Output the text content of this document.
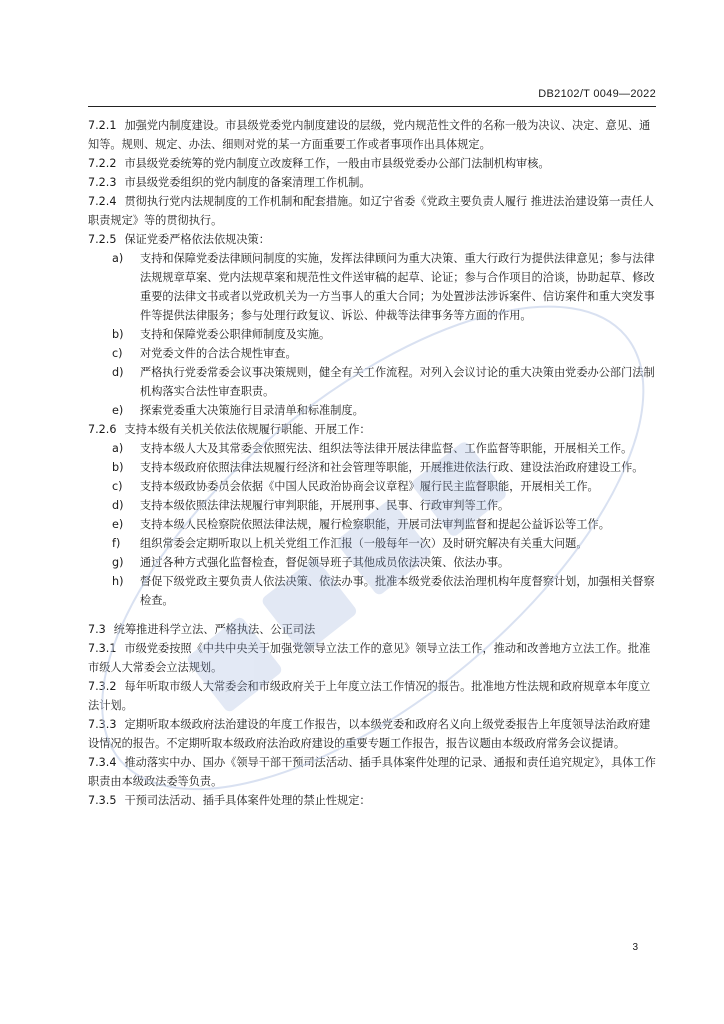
DB2102/T 0049—2022
7.2.1 加强党内制度建设。市县级党委党内制度建设的层级，党内规范性文件的名称一般为决议、决定、意见、通知等。规则、规定、办法、细则对党的某一方面重要工作或者事项作出具体规定。
7.2.2 市县级党委统筹的党内制度立改废释工作，一般由市县级党委办公部门法制机构审核。
7.2.3 市县级党委组织的党内制度的备案清理工作机制。
7.2.4 贯彻执行党内法规制度的工作机制和配套措施。如辽宁省委《党政主要负责人履行 推进法治建设第一责任人职责规定》等的贯彻执行。
7.2.5 保证党委严格依法依规决策：
a) 支持和保障党委法律顾问制度的实施，发挥法律顾问为重大决策、重大行政行为提供法律意见；参与法律法规规章草案、党内法规草案和规范性文件送审稿的起草、论证；参与合作项目的洽谈，协助起草、修改重要的法律文书或者以党政机关为一方当事人的重大合同；为处置涉法涉诉案件、信访案件和重大突发事件等提供法律服务；参与处理行政复议、诉讼、仲裁等法律事务等方面的作用。
b) 支持和保障党委公职律师制度及实施。
c) 对党委文件的合法合规性审查。
d) 严格执行党委常委会议事决策规则，健全有关工作流程。对列入会议讨论的重大决策由党委办公部门法制机构落实合法性审查职责。
e) 探索党委重大决策施行目录清单和标准制度。
7.2.6 支持本级有关机关依法依规履行职能、开展工作：
a) 支持本级人大及其常委会依照宪法、组织法等法律开展法律监督、工作监督等职能，开展相关工作。
b) 支持本级政府依照法律法规履行经济和社会管理等职能，开展推进依法行政、建设法治政府建设工作。
c) 支持本级政协委员会依据《中国人民政治协商会议章程》履行民主监督职能，开展相关工作。
d) 支持本级依照法律法规履行审判职能，开展刑事、民事、行政审判等工作。
e) 支持本级人民检察院依照法律法规，履行检察职能，开展司法审判监督和提起公益诉讼等工作。
f) 组织常委会定期听取以上机关党组工作汇报（一般每年一次）及时研究解决有关重大问题。
g) 通过各种方式强化监督检查，督促领导班子其他成员依法决策、依法办事。
h) 督促下级党政主要负责人依法决策、依法办事。批准本级党委依法治理机构年度督察计划，加强相关督察检查。
7.3 统筹推进科学立法、严格执法、公正司法
7.3.1 市级党委按照《中共中央关于加强党领导立法工作的意见》领导立法工作，推动和改善地方立法工作。批准市级人大常委会立法规划。
7.3.2 每年听取市级人大常委会和市级政府关于上年度立法工作情况的报告。批准地方性法规和政府规章本年度立法计划。
7.3.3 定期听取本级政府法治建设的年度工作报告，以本级党委和政府名义向上级党委报告上年度领导法治政府建设情况的报告。不定期听取本级政府法治政府建设的重要专题工作报告，报告议题由本级政府常务会议提请。
7.3.4 推动落实中办、国办《领导干部干预司法活动、插手具体案件处理的记录、通报和责任追究规定》，具体工作职责由本级政法委等负责。
7.3.5 干预司法活动、插手具体案件处理的禁止性规定：
3
